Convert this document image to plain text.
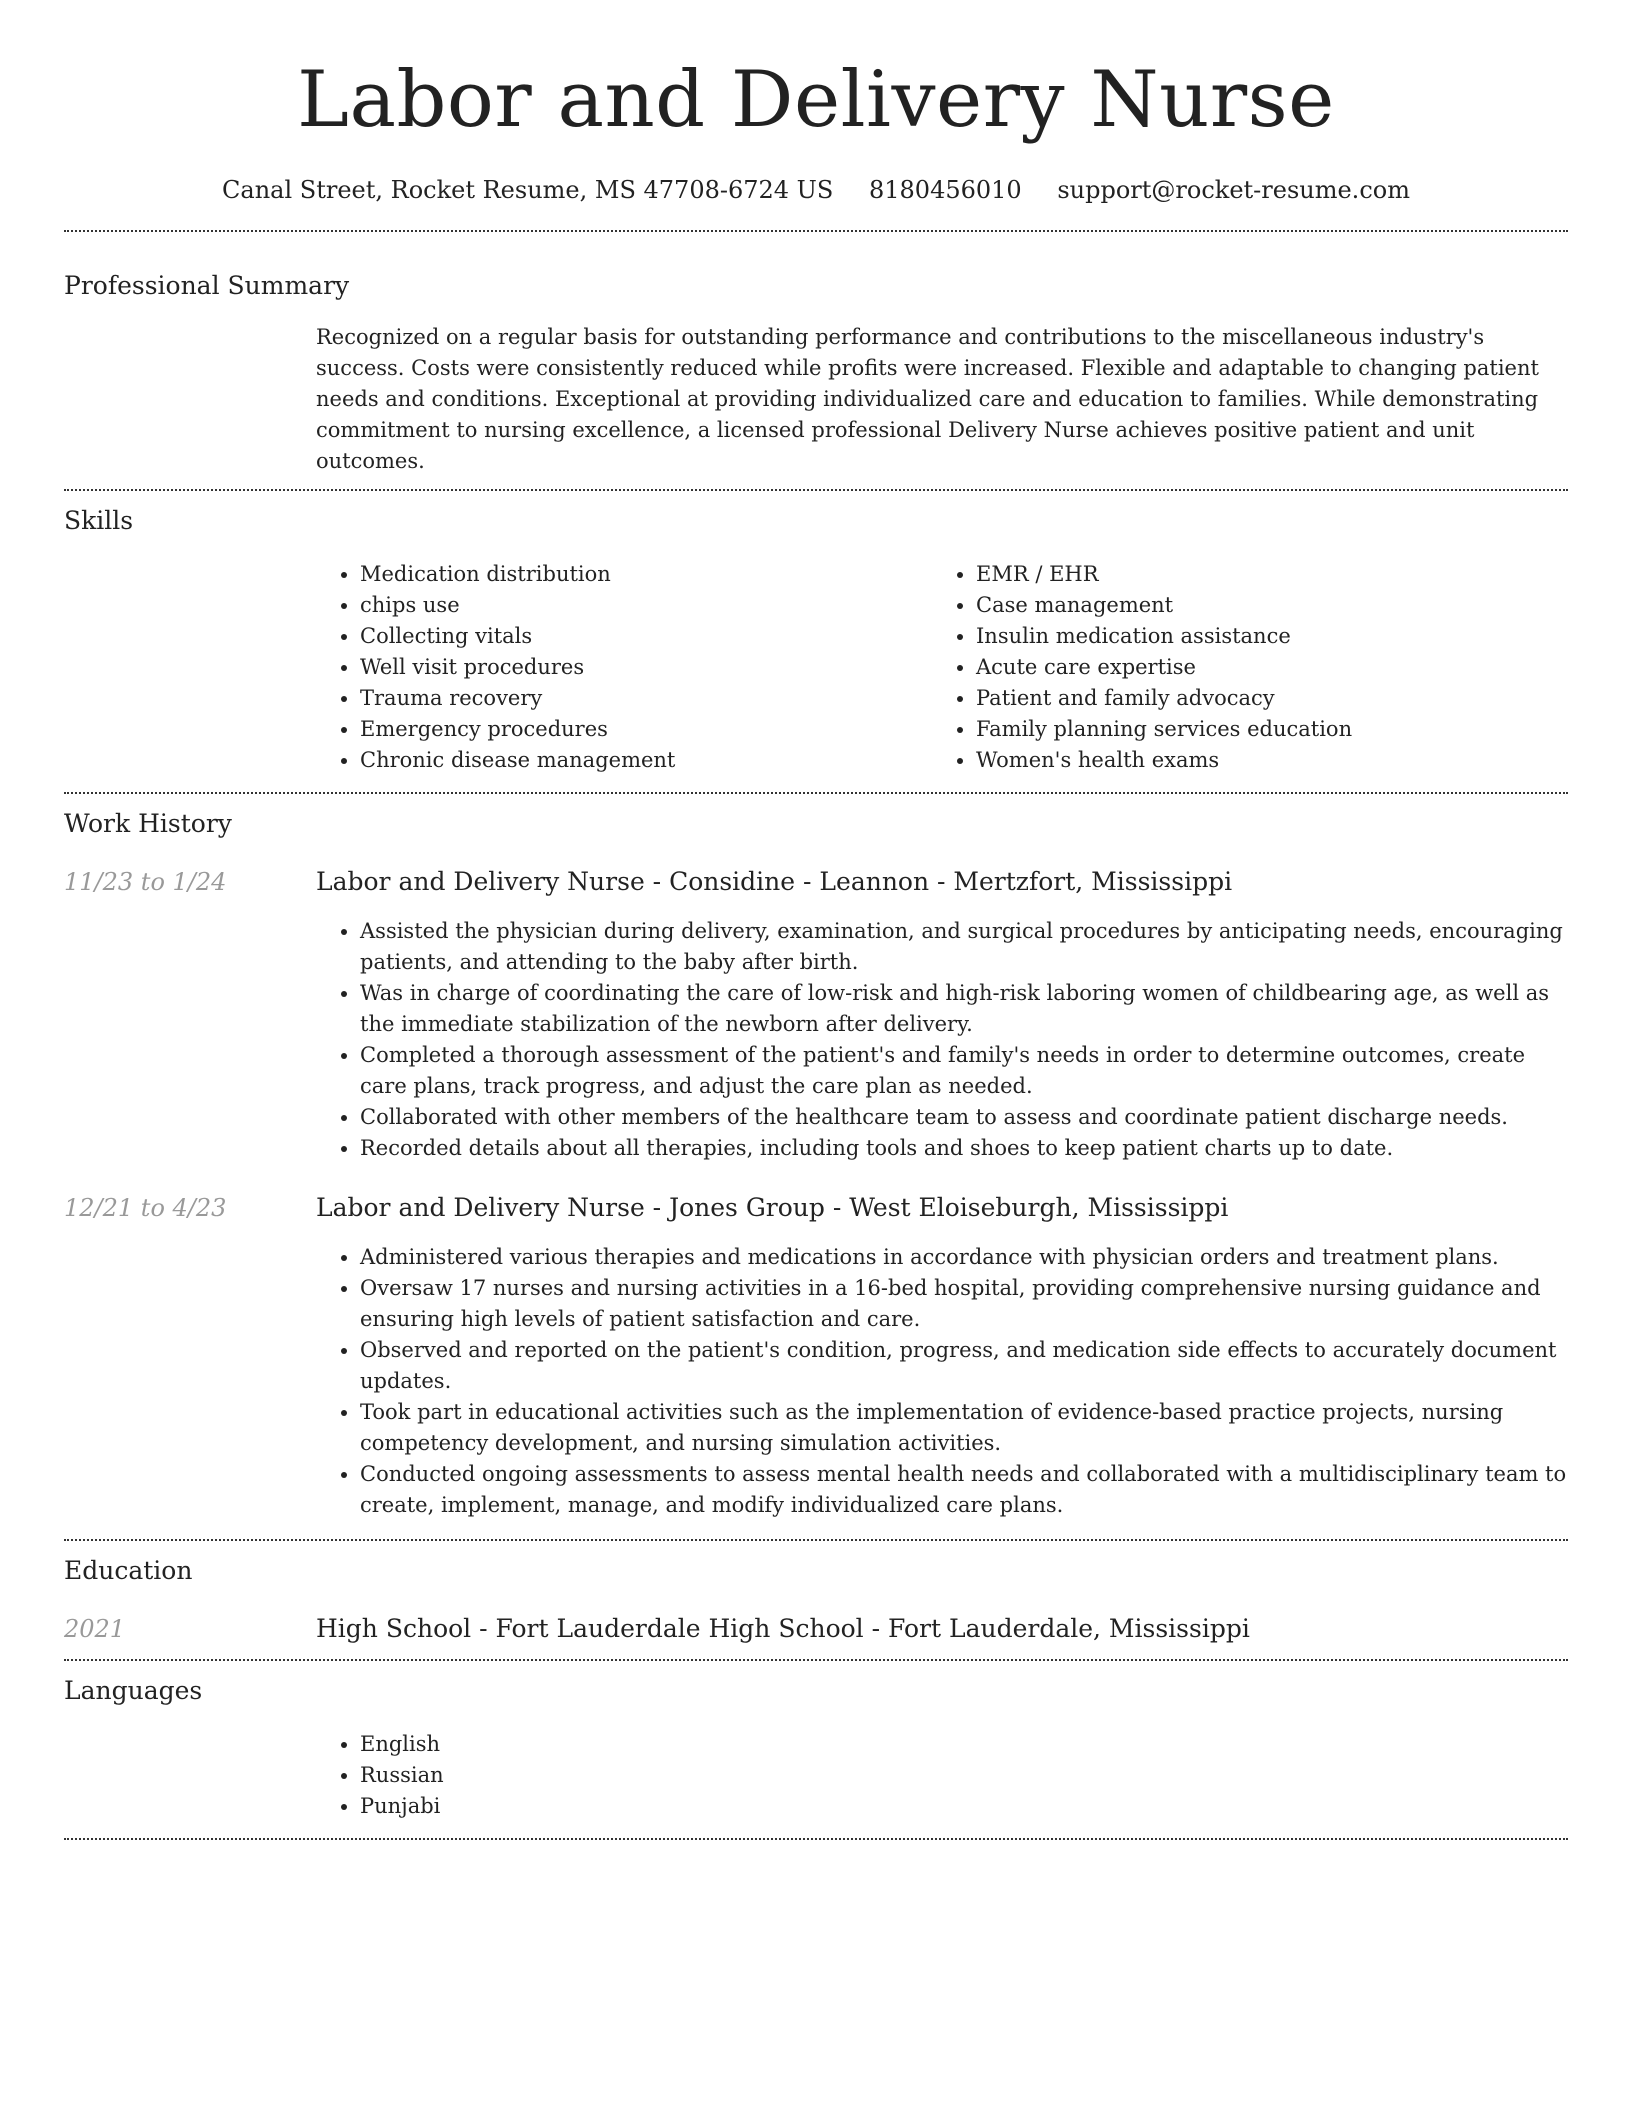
Labor and Delivery Nurse
Canal Street, Rocket Resume, MS 47708-6724 US 8180456010 support@rocket-resume.com
Professional Summary

Recognized on a regular basis for outstanding performance and contributions to the miscellaneous industry's success. Costs were consistently reduced while profits were increased. Flexible and adaptable to changing patient needs and conditions. Exceptional at providing individualized care and education to families. While demonstrating commitment to nursing excellence, a licensed professional Delivery Nurse achieves positive patient and unit outcomes.

Skills
• Medication distribution
• chips use
• Collecting vitals
• Well visit procedures
• Trauma recovery
• Emergency procedures
• Chronic disease management
• EMR / EHR
• Case management
• Insulin medication assistance
• Acute care expertise
• Patient and family advocacy
• Family planning services education
• Women's health exams
Work History
11/23 to 1/24	Labor and Delivery Nurse - Considine - Leannon - Mertzfort, Mississippi
• Assisted the physician during delivery, examination, and surgical procedures by anticipating needs, encouraging patients, and attending to the baby after birth.
• Was in charge of coordinating the care of low-risk and high-risk laboring women of childbearing age, as well as the immediate stabilization of the newborn after delivery.
• Completed a thorough assessment of the patient's and family's needs in order to determine outcomes, create care plans, track progress, and adjust the care plan as needed.
• Collaborated with other members of the healthcare team to assess and coordinate patient discharge needs.
• Recorded details about all therapies, including tools and shoes to keep patient charts up to date.
12/21 to 4/23	Labor and Delivery Nurse - Jones Group - West Eloiseburgh, Mississippi
• Administered various therapies and medications in accordance with physician orders and treatment plans.
• Oversaw 17 nurses and nursing activities in a 16-bed hospital, providing comprehensive nursing guidance and ensuring high levels of patient satisfaction and care.
• Observed and reported on the patient's condition, progress, and medication side effects to accurately document updates.
• Took part in educational activities such as the implementation of evidence-based practice projects, nursing competency development, and nursing simulation activities.
• Conducted ongoing assessments to assess mental health needs and collaborated with a multidisciplinary team to create, implement, manage, and modify individualized care plans.
Education
2021	High School - Fort Lauderdale High School - Fort Lauderdale, Mississippi
Languages
• English
• Russian
• Punjabi
